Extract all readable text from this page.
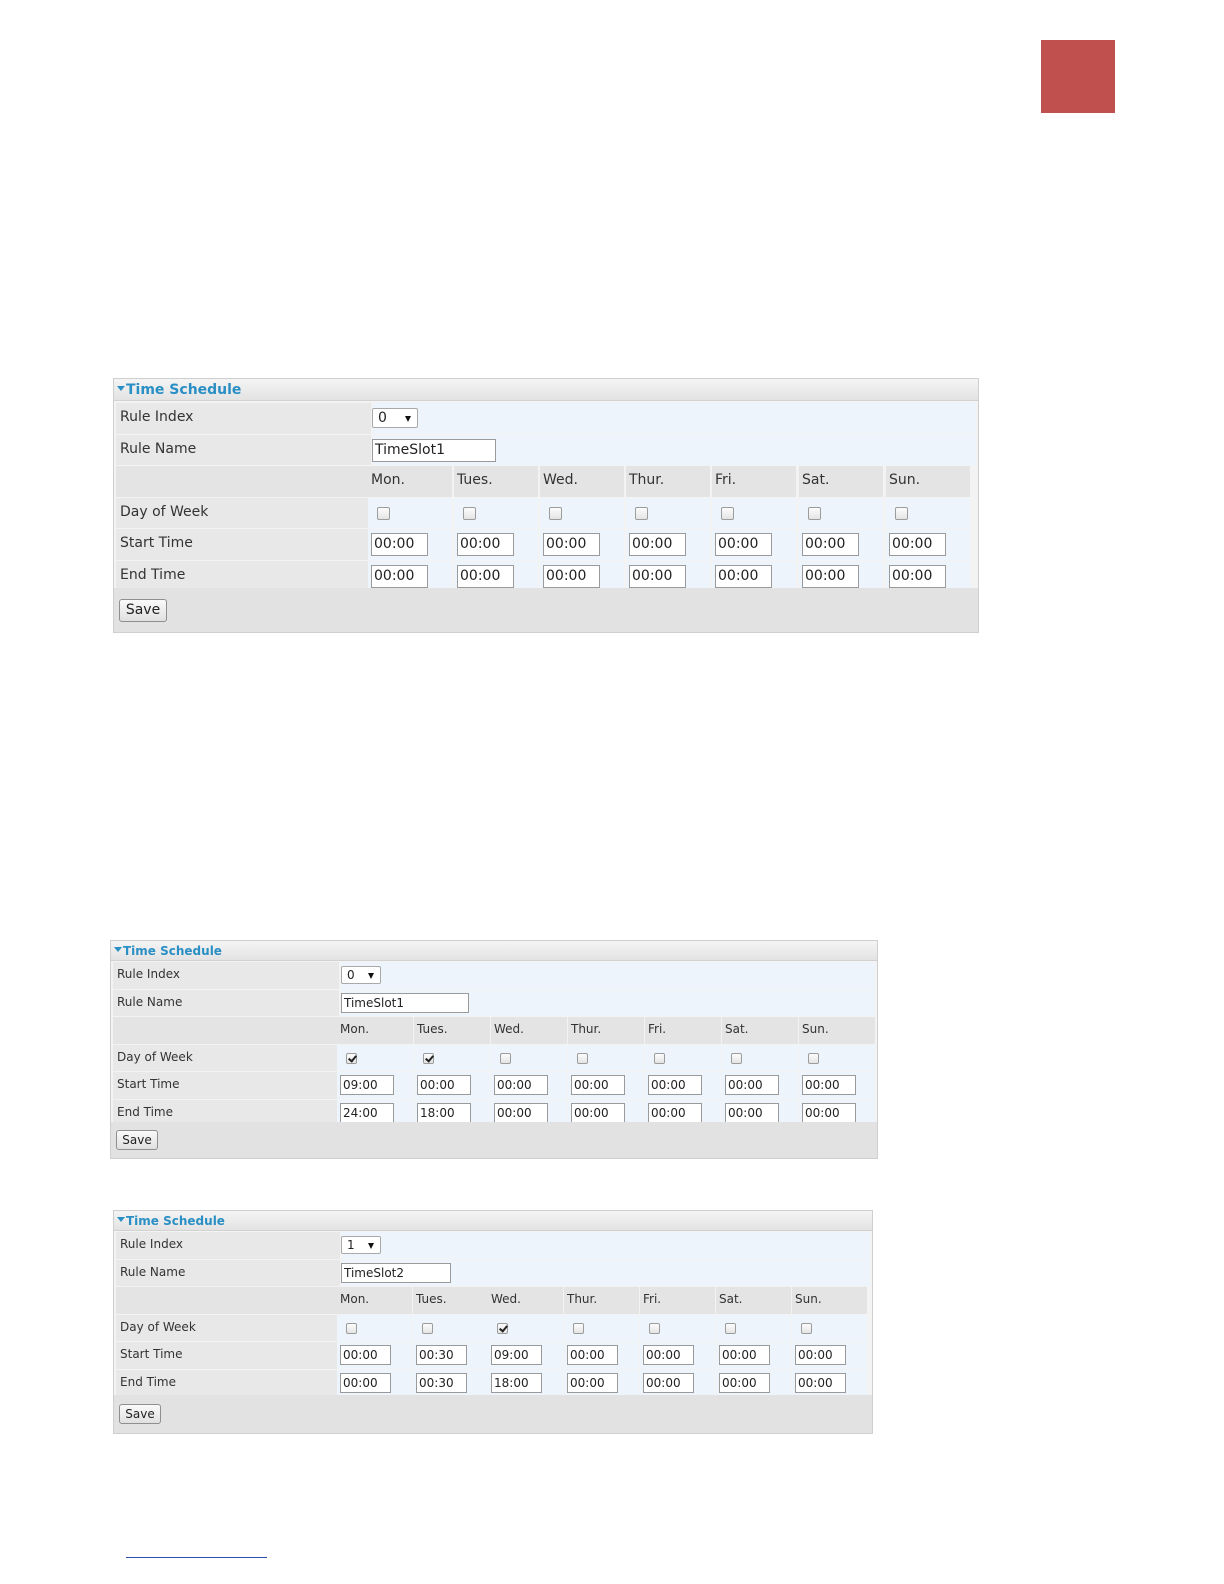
Time Schedule
Rule Index	0
Rule Name	TimeSlot1
Mon.	Tues.	Wed.	Thur.	Fri.	Sat.	Sun.
Day of Week
Start Time	00:00	00:00	00:00	00:00	00:00	00:00	00:00
End Time	00:00	00:00	00:00	00:00	00:00	00:00	00:00
Save
Time Schedule
Rule Index	0
Rule Name	TimeSlot1
Mon.	Tues.	Wed.	Thur.	Fri.	Sat.	Sun.
Day of Week
Start Time	09:00	00:00	00:00	00:00	00:00	00:00	00:00
End Time	24:00	18:00	00:00	00:00	00:00	00:00	00:00
Save
Time Schedule
Rule Index	1
Rule Name	TimeSlot2
Mon.	Tues.	Wed.	Thur.	Fri.	Sat.	Sun.
Day of Week
Start Time	00:00	00:30	09:00	00:00	00:00	00:00	00:00
End Time	00:00	00:30	18:00	00:00	00:00	00:00	00:00
Save
